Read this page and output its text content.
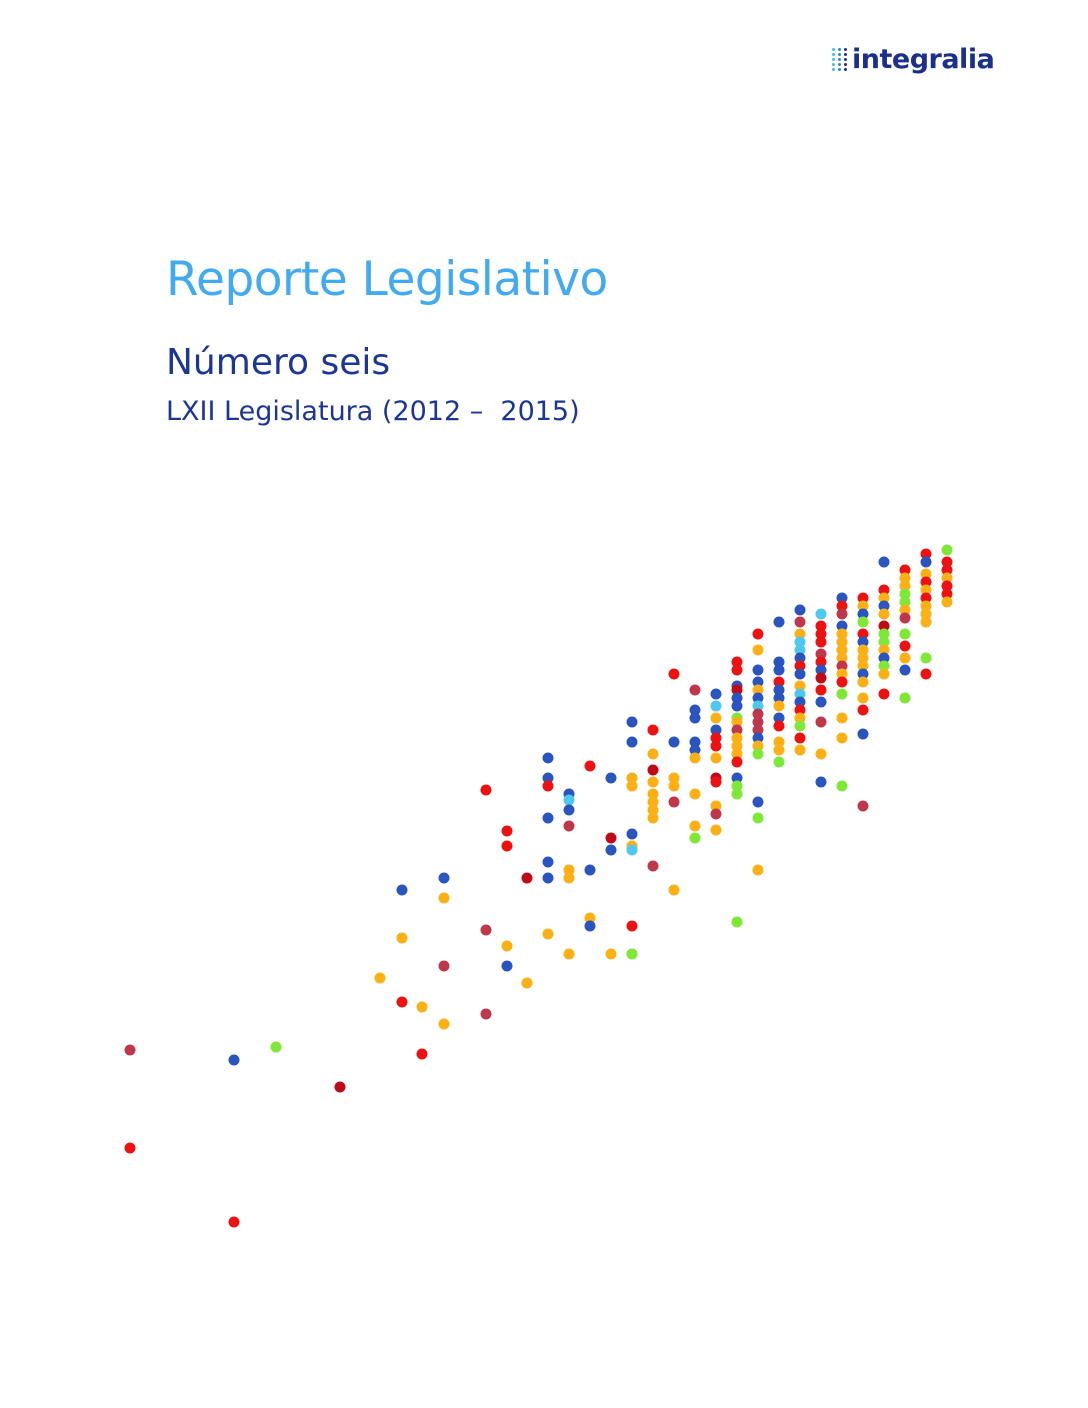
integralia
Reporte Legislativo
Número seis
LXII Legislatura (2012 –  2015)
